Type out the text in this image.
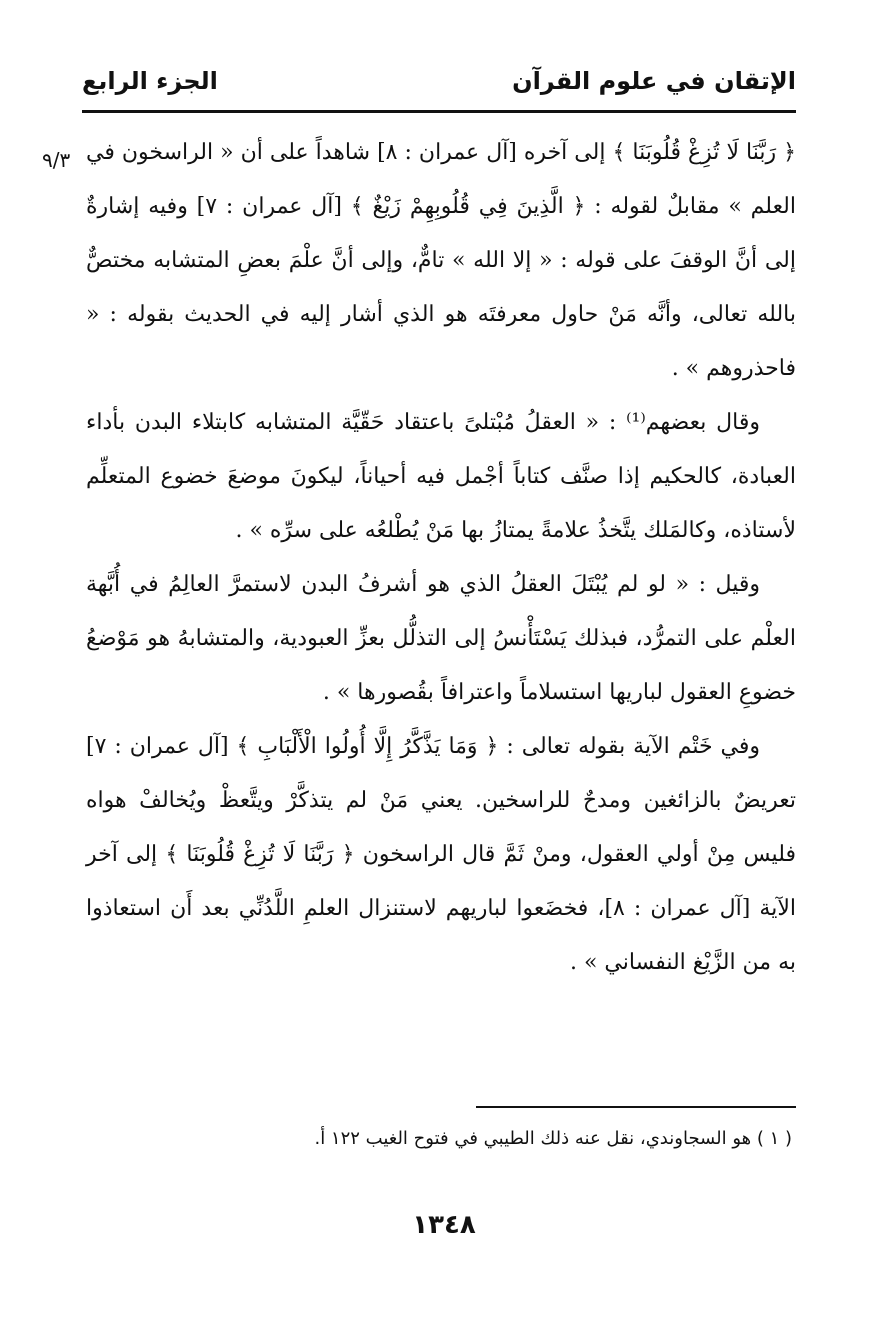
الإتقان في علوم القرآن
الجزء الرابع
٩/٣ ﴿ رَبَّنَا لَا تُزِغْ قُلُوبَنَا ﴾ إلى آخره [آل عمران : ٨] شاهداً على أن « الراسخون في العلم » مقابلٌ لقوله : ﴿ الَّذِينَ فِي قُلُوبِهِمْ زَيْغٌ ﴾ [آل عمران : ٧] وفيه إشارةٌ إلى أنَّ الوقفَ على قوله : « إلا الله » تامٌّ، وإلى أنَّ علْمَ بعضِ المتشابه مختصٌّ بالله تعالى، وأنَّه مَنْ حاول معرفتَه هو الذي أشار إليه في الحديث بقوله : « فاحذروهم » .

وقال بعضهم⁽¹⁾ : « العقلُ مُبْتلىً باعتقاد حَقّيَّة المتشابه كابتلاء البدن بأداء العبادة، كالحكيم إذا صنَّف كتاباً أجْمل فيه أحياناً، ليكونَ موضعَ خضوع المتعلِّم لأستاذه، وكالمَلك يتَّخذُ علامةً يمتازُ بها مَنْ يُطْلعُه على سرِّه » .

وقيل : « لو لم يُبْتَلَ العقلُ الذي هو أشرفُ البدن لاستمرَّ العالِمُ في أُبَّهة العلْم على التمرُّد، فبذلك يَسْتَأْنسُ إلى التذلُّل بعزِّ العبودية، والمتشابهُ هو مَوْضعُ خضوعِ العقول لباريها استسلاماً واعترافاً بقُصورها » .

وفي خَتْم الآية بقوله تعالى : ﴿ وَمَا يَذَّكَّرُ إِلَّا أُولُوا الْأَلْبَابِ ﴾ [آل عمران : ٧] تعريضٌ بالزائغين ومدحٌ للراسخين. يعني مَنْ لم يتذكَّرْ ويتَّعظْ ويُخالفْ هواه فليس مِنْ أولي العقول، ومنْ ثَمَّ قال الراسخون ﴿ رَبَّنَا لَا تُزِغْ قُلُوبَنَا ﴾ إلى آخر الآية [آل عمران : ٨]، فخضَعوا لباريهم لاستنزال العلمِ اللَّدُنِّي بعد أَن استعاذوا به من الزَّيْغ النفساني » .

( ١ ) هو السجاوندي، نقل عنه ذلك الطيبي في فتوح الغيب ١٢٢ أ.
١٣٤٨
